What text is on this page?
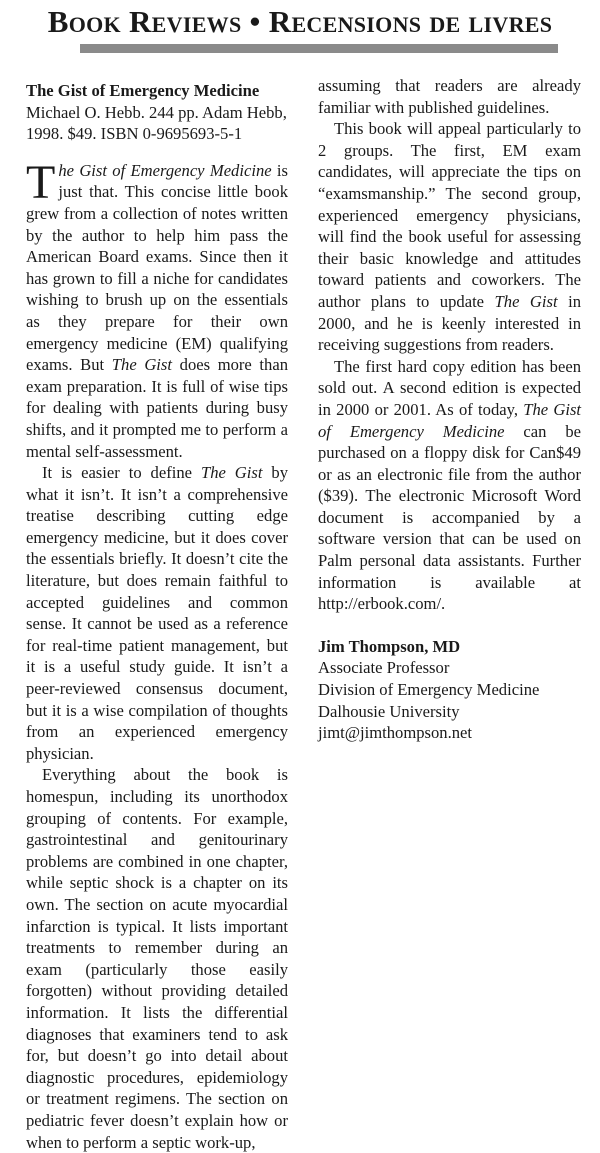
Book Reviews • Recensions de livres
The Gist of Emergency Medicine
Michael O. Hebb. 244 pp. Adam Hebb, 1998. $49. ISBN 0-9695693-5-1

The Gist of Emergency Medicine is just that. This concise little book grew from a collection of notes written by the author to help him pass the American Board exams. Since then it has grown to fill a niche for candidates wishing to brush up on the essentials as they prepare for their own emergency medicine (EM) qualifying exams. But The Gist does more than exam preparation. It is full of wise tips for dealing with patients during busy shifts, and it prompted me to perform a mental self-assessment.

It is easier to define The Gist by what it isn’t. It isn’t a comprehensive treatise describing cutting edge emergency medicine, but it does cover the essentials briefly. It doesn’t cite the literature, but does remain faithful to accepted guidelines and common sense. It cannot be used as a reference for real-time patient management, but it is a useful study guide. It isn’t a peer-reviewed consensus document, but it is a wise compilation of thoughts from an experienced emergency physician.

Everything about the book is homespun, including its unorthodox grouping of contents. For example, gastrointestinal and genitourinary problems are combined in one chapter, while septic shock is a chapter on its own. The section on acute myocardial infarction is typical. It lists important treatments to remember during an exam (particularly those easily forgotten) without providing detailed information. It lists the differential diagnoses that examiners tend to ask for, but doesn’t go into detail about diagnostic procedures, epidemiology or treatment regimens. The section on pediatric fever doesn’t explain how or when to perform a septic work-up,

assuming that readers are already familiar with published guidelines.

This book will appeal particularly to 2 groups. The first, EM exam candidates, will appreciate the tips on “examsmanship.” The second group, experienced emergency physicians, will find the book useful for assessing their basic knowledge and attitudes toward patients and coworkers. The author plans to update The Gist in 2000, and he is keenly interested in receiving suggestions from readers.

The first hard copy edition has been sold out. A second edition is expected in 2000 or 2001. As of today, The Gist of Emergency Medicine can be purchased on a floppy disk for Can$49 or as an electronic file from the author ($39). The electronic Microsoft Word document is accompanied by a software version that can be used on Palm personal data assistants. Further information is available at http://erbook.com/.

Jim Thompson, MD
Associate Professor
Division of Emergency Medicine
Dalhousie University
jimt@jimthompson.net
